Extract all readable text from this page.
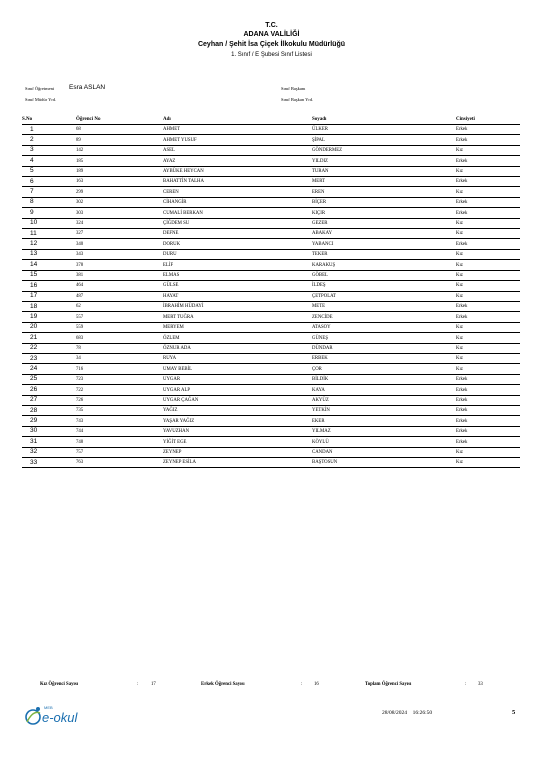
T.C.
ADANA VALİLİĞİ
Ceyhan / Şehit İsa Çiçek İlkokulu Müdürlüğü
1. Sınıf / E Şubesi Sınıf Listesi
Sınıf Öğretmeni Esra ASLAN
Sınıf Müdür Yrd.
Sınıf Başkanı
Sınıf Başkan Yrd.
S.No	Öğrenci No	Adı	Soyadı	Cinsiyeti
1	68	AHMET	ÜLKER	Erkek
2	89	AHMET YUSUF	ŞİPAL	Erkek
3	142	ASEL	GÖNDERMEZ	Kız
4	185	AYAZ	YILDIZ	Erkek
5	189	AYBÜKE HEYCAN	TURAN	Kız
6	163	BAHATTİN TALHA	MERT	Erkek
7	299	CEREN	EREN	Kız
8	302	CİHANGİR	BİÇER	Erkek
9	303	CUMALİ BERKAN	KIÇIR	Erkek
10	324	ÇİĞDEM SU	GEZER	Kız
11	327	DEFNE	ABAKAY	Kız
12	340	DORUK	YABANCI	Erkek
13	343	DURU	TEKER	Kız
14	378	ELİF	KARAKUŞ	Kız
15	381	ELMAS	GÖBEL	Kız
16	464	GÜLSE	İLDEŞ	Kız
17	487	HAYAT	ÇETPOLAT	Kız
18	62	İBRAHİM HÜDAYİ	METE	Erkek
19	557	MERT TUĞRA	ZENCİDE	Erkek
20	559	MERYEM	ATASOY	Kız
21	683	ÖZLEM	GÜNEŞ	Kız
22	78	ÖZNUR ADA	DÜNDAR	Kız
23	34	RUYA	ERBEK	Kız
24	716	UMAY BEBİL	ÇOR	Kız
25	723	UYGAR	BİLDİK	Erkek
26	722	UYGAR ALP	KAYA	Erkek
27	726	UYGAR ÇAĞAN	AKYÜZ	Erkek
28	735	YAĞIZ	YETKİN	Erkek
29	743	YAŞAR YAĞIZ	EKER	Erkek
30	744	YAVUZHAN	YILMAZ	Erkek
31	748	YİĞİT EGE	KÖYLÜ	Erkek
32	757	ZEYNEP	CANDAN	Kız
33	763	ZEYNEP ESİLA	BAŞTOSUN	Kız
Kız Öğrenci Sayısı	:	17	Erkek Öğrenci Sayısı	: 16	Toplam Öğrenci Sayısı	: 33
MEB
e-okul	28/08/2024 16:26:50	5
